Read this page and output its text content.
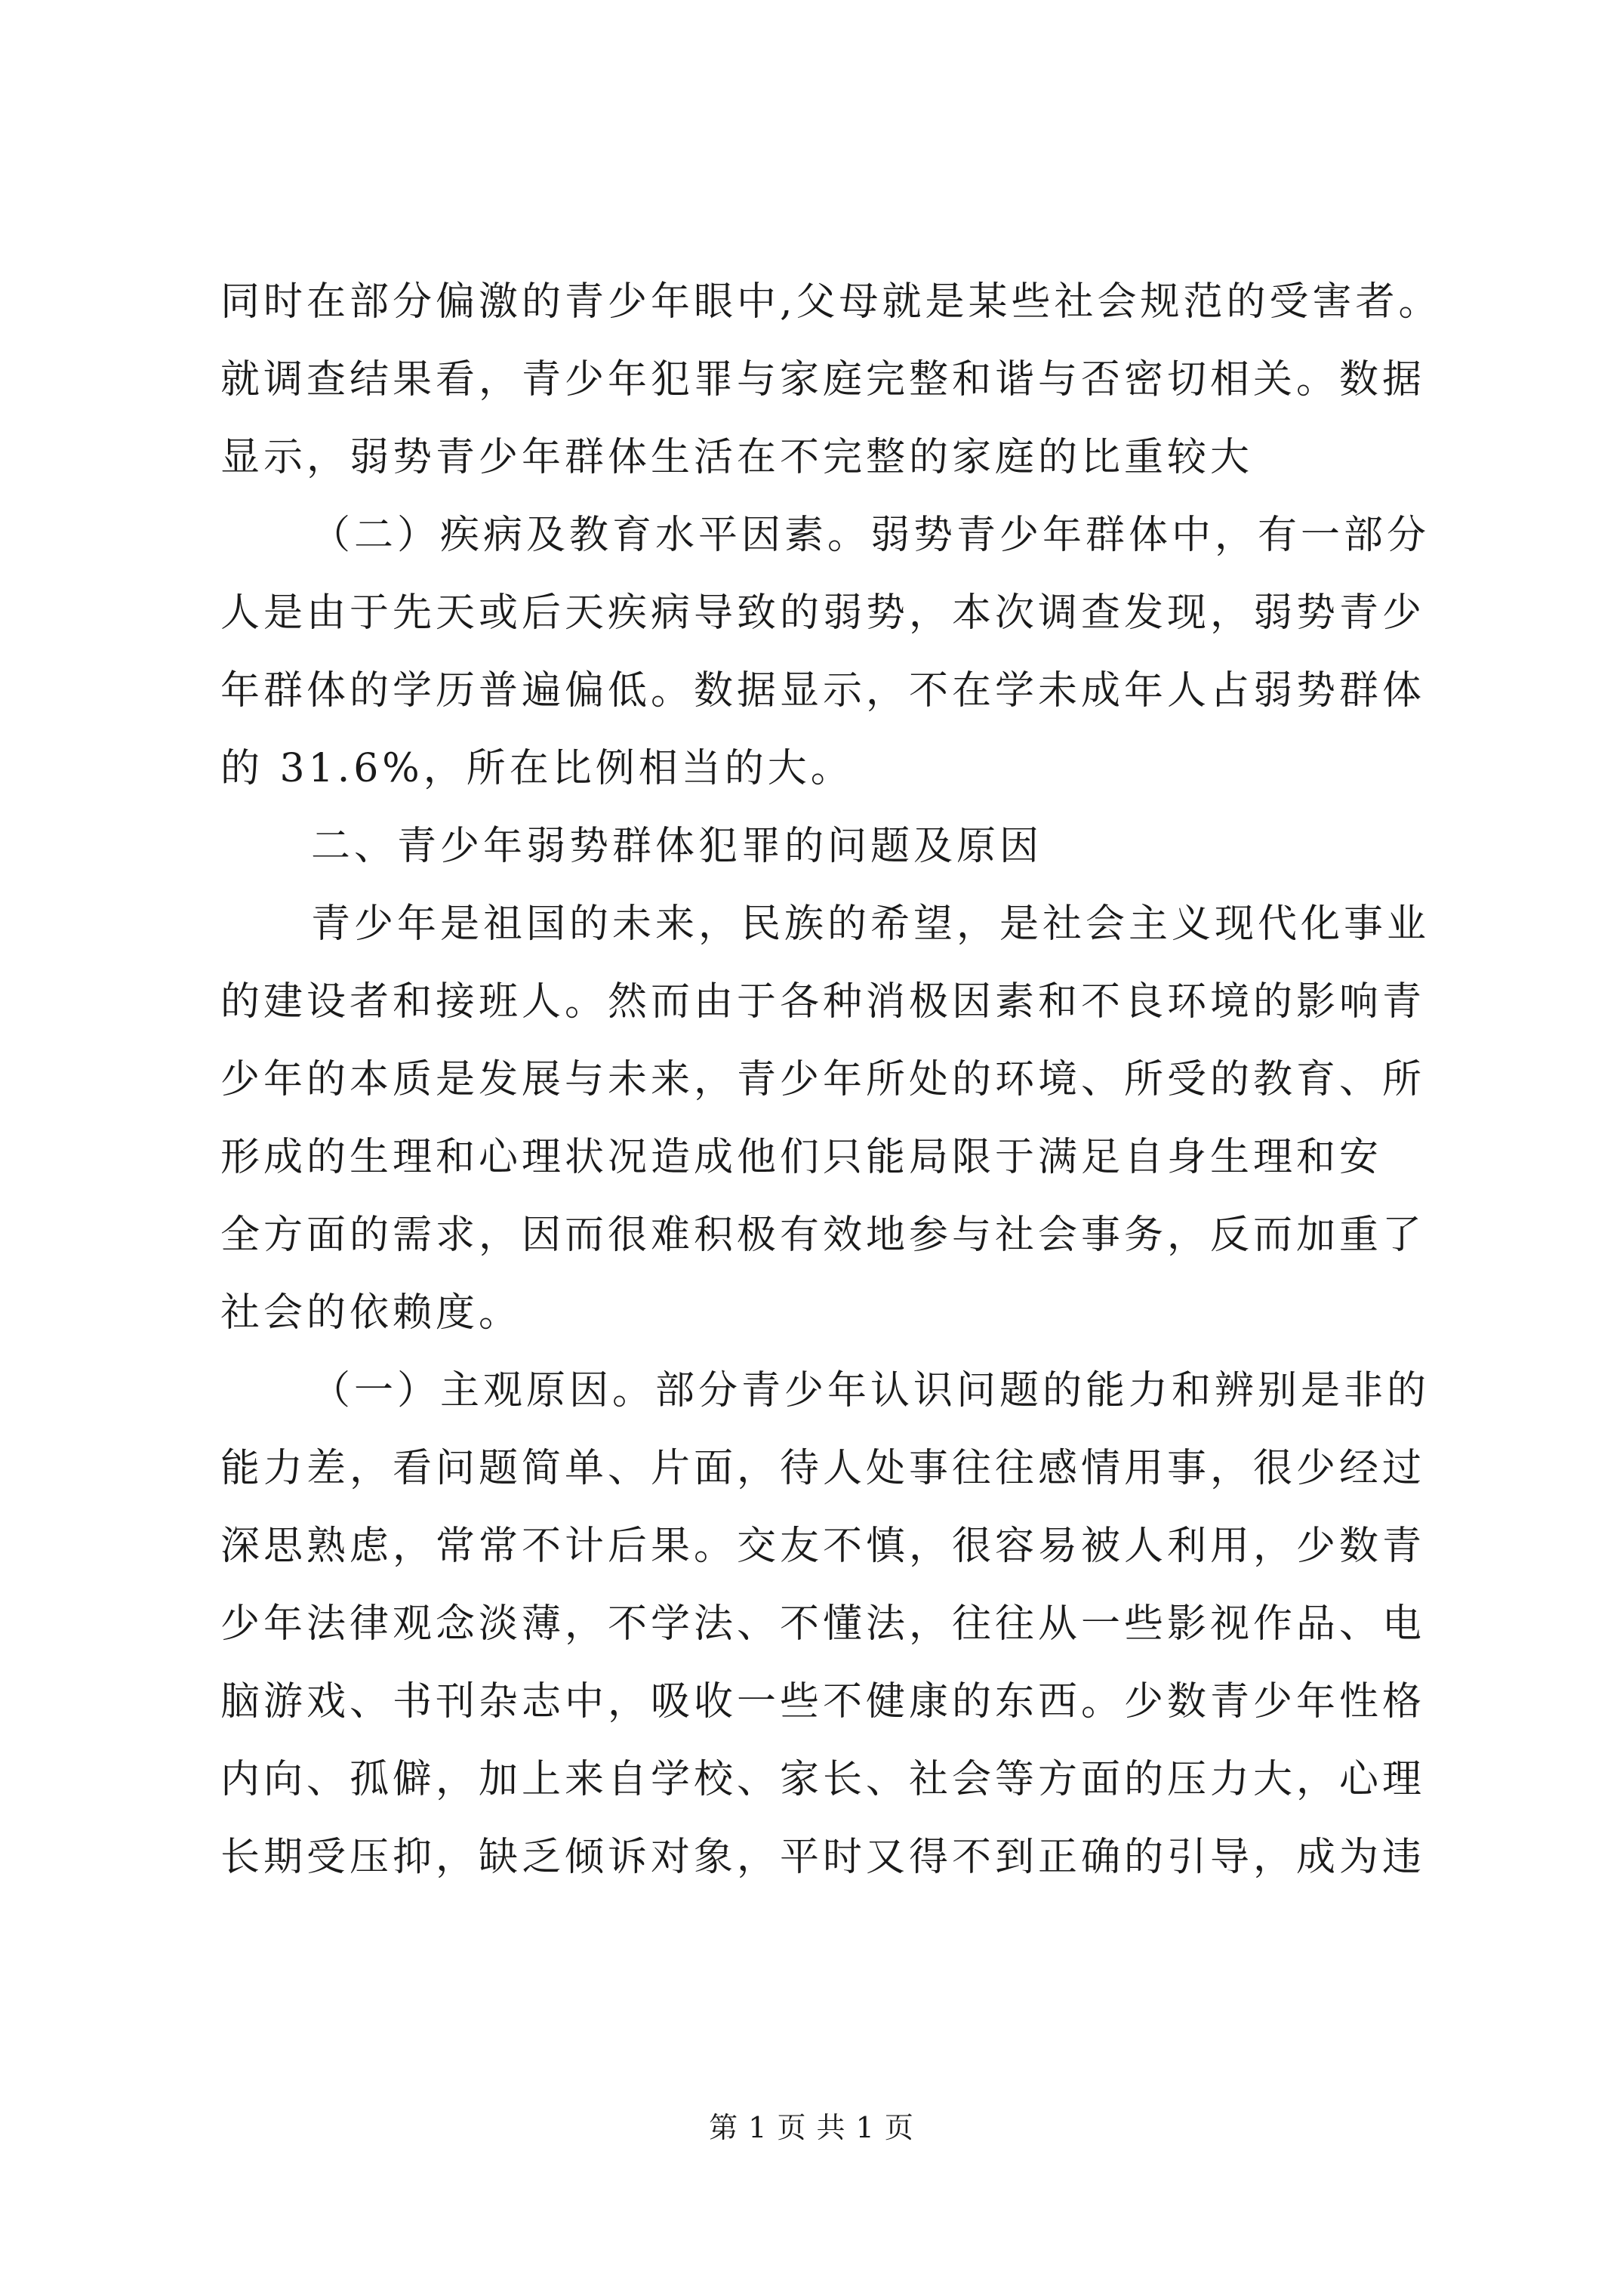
同时在部分偏激的青少年眼中,父母就是某些社会规范的受害者。
就调查结果看，青少年犯罪与家庭完整和谐与否密切相关。数据
显示，弱势青少年群体生活在不完整的家庭的比重较大
（二）疾病及教育水平因素。弱势青少年群体中，有一部分
人是由于先天或后天疾病导致的弱势，本次调查发现，弱势青少
年群体的学历普遍偏低。数据显示，不在学未成年人占弱势群体
的 31.6%，所在比例相当的大。
二、青少年弱势群体犯罪的问题及原因
青少年是祖国的未来，民族的希望，是社会主义现代化事业
的建设者和接班人。然而由于各种消极因素和不良环境的影响青
少年的本质是发展与未来，青少年所处的环境、所受的教育、所
形成的生理和心理状况造成他们只能局限于满足自身生理和安
全方面的需求，因而很难积极有效地参与社会事务，反而加重了
社会的依赖度。
（一）主观原因。部分青少年认识问题的能力和辨别是非的
能力差，看问题简单、片面，待人处事往往感情用事，很少经过
深思熟虑，常常不计后果。交友不慎，很容易被人利用，少数青
少年法律观念淡薄，不学法、不懂法，往往从一些影视作品、电
脑游戏、书刊杂志中，吸收一些不健康的东西。少数青少年性格
内向、孤僻，加上来自学校、家长、社会等方面的压力大，心理
长期受压抑，缺乏倾诉对象，平时又得不到正确的引导，成为违
第 1 页 共 1 页
